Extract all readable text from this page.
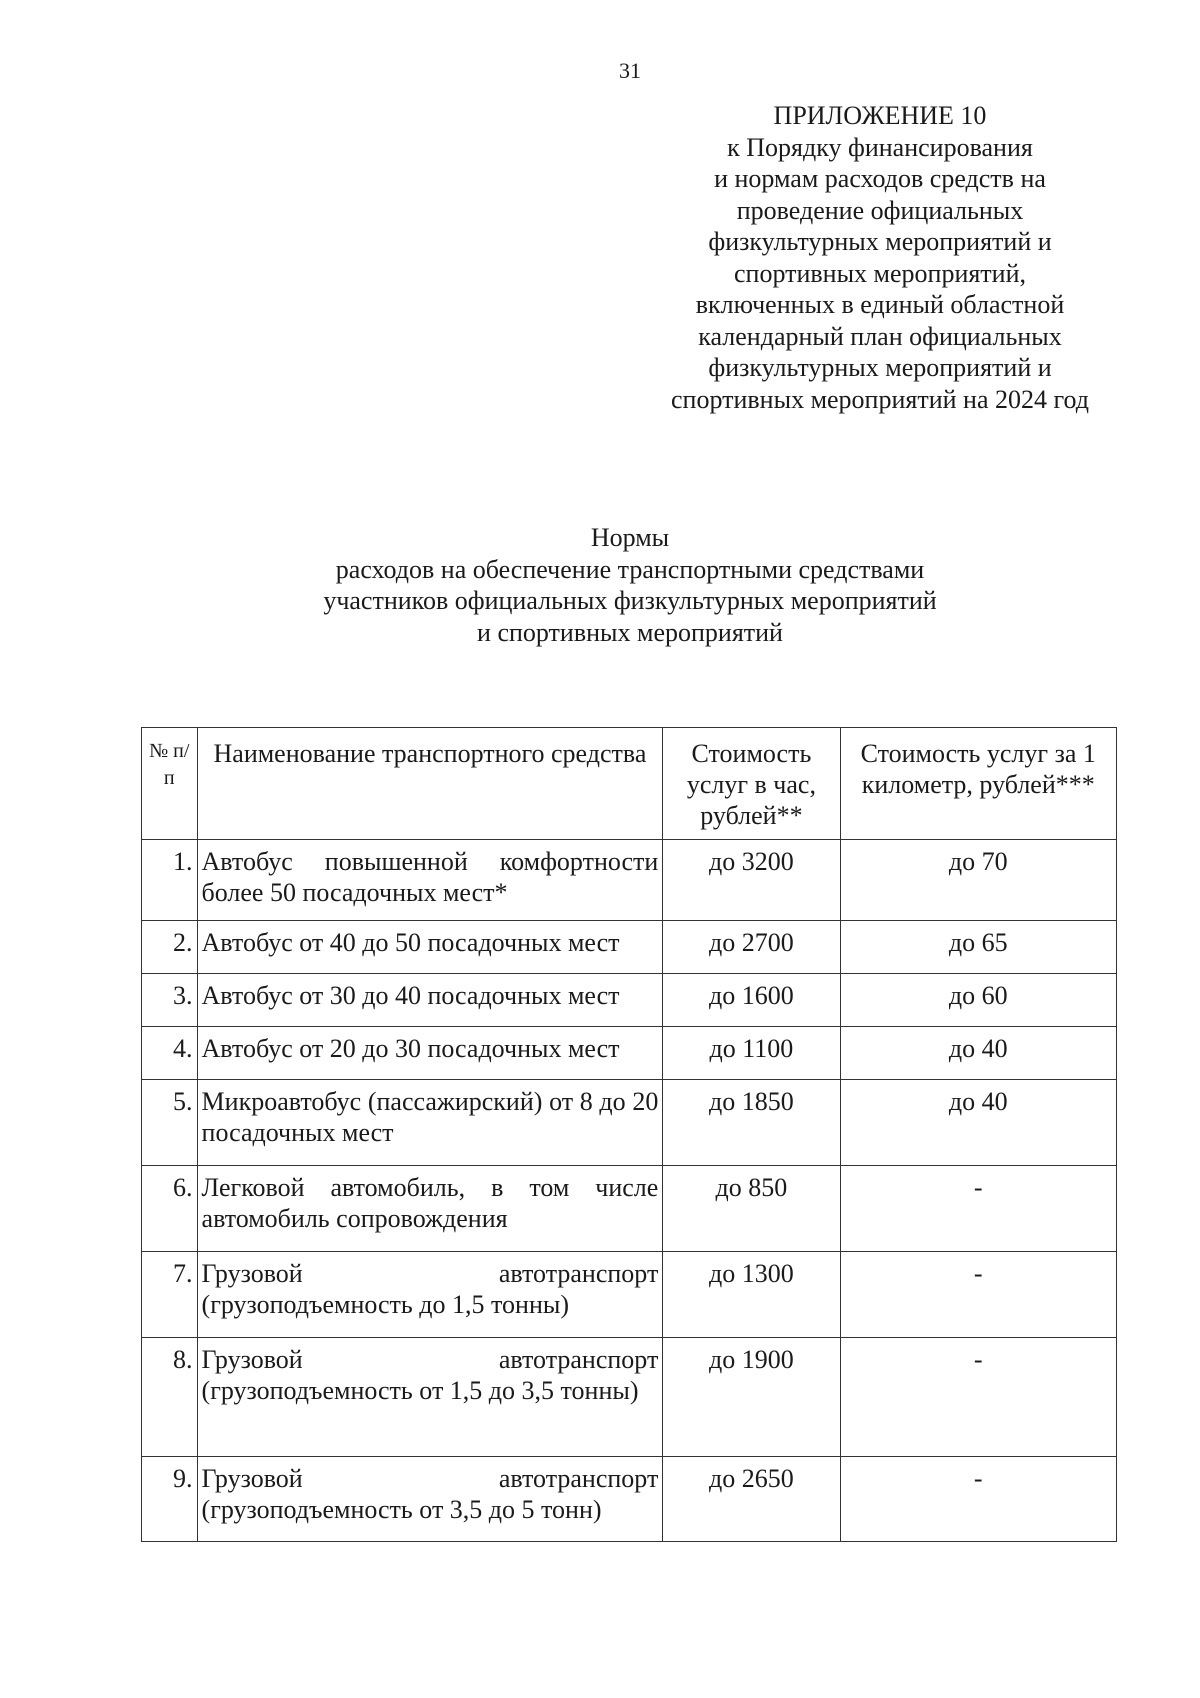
31
ПРИЛОЖЕНИЕ 10
к Порядку финансирования
и нормам расходов средств на
проведение официальных
физкультурных мероприятий и
спортивных мероприятий,
включенных в единый областной
календарный план официальных
физкультурных мероприятий и
спортивных мероприятий на 2024 год
Нормы
расходов на обеспечение транспортными средствами
участников официальных физкультурных мероприятий
и спортивных мероприятий
№ п/п	Наименование транспортного средства	Стоимость услуг в час, рублей**	Стоимость услуг за 1 километр, рублей***
1.	Автобус повышенной комфортности более 50 посадочных мест*	до 3200	до 70
2.	Автобус от 40 до 50 посадочных мест	до 2700	до 65
3.	Автобус от 30 до 40 посадочных мест	до 1600	до 60
4.	Автобус от 20 до 30 посадочных мест	до 1100	до 40
5.	Микроавтобус (пассажирский) от 8 до 20 посадочных мест	до 1850	до 40
6.	Легковой автомобиль, в том числе автомобиль сопровождения	до 850	-
7.	Грузовой автотранспорт (грузоподъемность до 1,5 тонны)	до 1300	-
8.	Грузовой автотранспорт (грузоподъемность от 1,5 до 3,5 тонны)	до 1900	-
9.	Грузовой автотранспорт (грузоподъемность от 3,5 до 5 тонн)	до 2650	-
